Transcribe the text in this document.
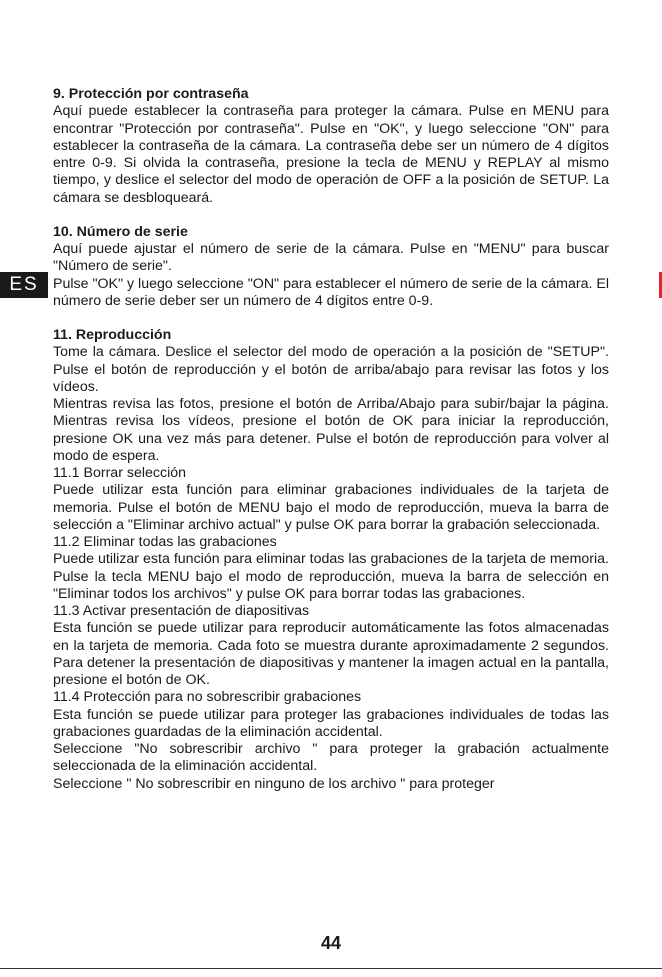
ES
9. Protección por contraseña

Aquí puede establecer la contraseña para proteger la cámara. Pulse en MENU para encontrar "Protección por contraseña". Pulse en "OK", y luego seleccione "ON" para establecer la contraseña de la cámara. La contraseña debe ser un número de 4 dígitos entre 0-9. Si olvida la contraseña, presione la tecla de MENU y REPLAY al mismo tiempo, y deslice el selector del modo de operación de OFF a la posición de SETUP. La cámara se desbloqueará.

10. Número de serie

Aquí puede ajustar el número de serie de la cámara. Pulse en "MENU" para buscar "Número de serie".

Pulse "OK" y luego seleccione "ON" para establecer el número de serie de la cámara. El número de serie deber ser un número de 4 dígitos entre 0-9.

11. Reproducción

Tome la cámara. Deslice el selector del modo de operación a la posición de "SETUP". Pulse el botón de reproducción y el botón de arriba/abajo para revisar las fotos y los vídeos.

Mientras revisa las fotos, presione el botón de Arriba/Abajo para subir/bajar la página. Mientras revisa los vídeos, presione el botón de OK para iniciar la reproducción, presione OK una vez más para detener. Pulse el botón de reproducción para volver al modo de espera.

11.1 Borrar selección

Puede utilizar esta función para eliminar grabaciones individuales de la tarjeta de memoria. Pulse el botón de MENU bajo el modo de reproducción, mueva la barra de selección a "Eliminar archivo actual" y pulse OK para borrar la grabación seleccionada.

11.2 Eliminar todas las grabaciones

Puede utilizar esta función para eliminar todas las grabaciones de la tarjeta de memoria. Pulse la tecla MENU bajo el modo de reproducción, mueva la barra de selección en "Eliminar todos los archivos" y pulse OK para borrar todas las grabaciones.

11.3 Activar presentación de diapositivas

Esta función se puede utilizar para reproducir automáticamente las fotos almacenadas en la tarjeta de memoria. Cada foto se muestra durante aproximadamente 2 segundos. Para detener la presentación de diapositivas y mantener la imagen actual en la pantalla, presione el botón de OK.

11.4 Protección para no sobrescribir grabaciones

Esta función se puede utilizar para proteger las grabaciones individuales de todas las grabaciones guardadas de la eliminación accidental.

Seleccione "No sobrescribir archivo " para proteger la grabación actualmente seleccionada de la eliminación accidental.

Seleccione " No sobrescribir en ninguno de los archivo " para proteger

44
